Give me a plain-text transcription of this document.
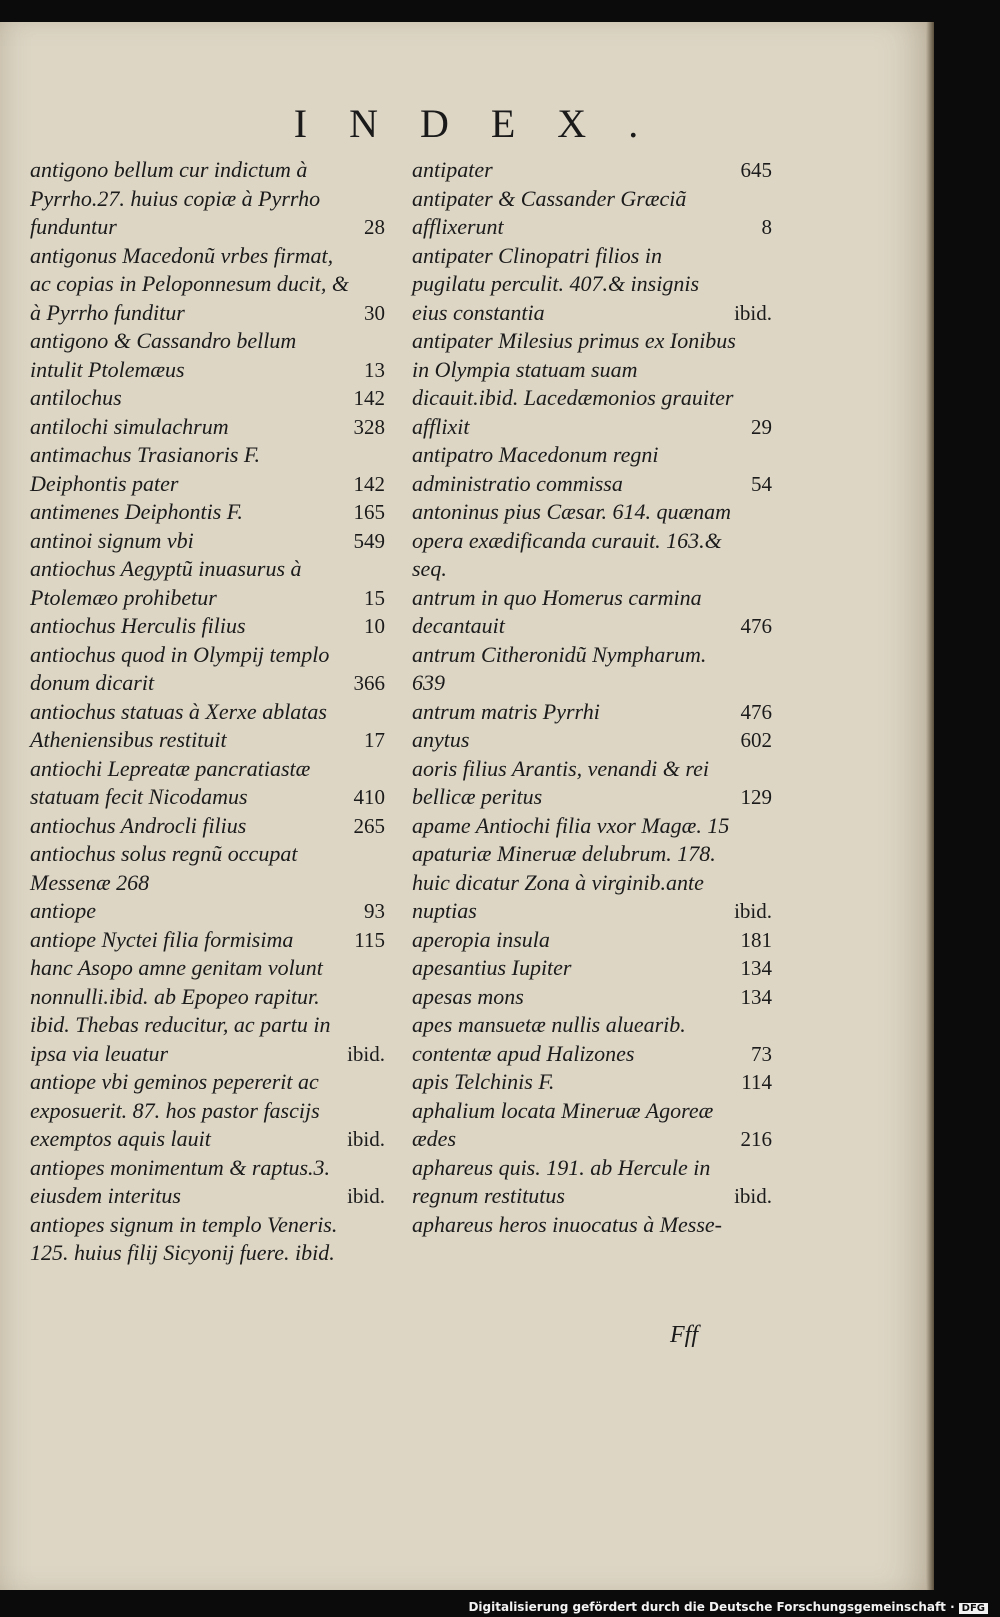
INDEX.
antigono bellum cur indictum à Pyrrho.27. huius copiæ à Pyrrho funduntur	28
antigonus Macedonũ vrbes firmat, ac copias in Peloponnesum ducit, & à Pyrrho funditur	30
antigono & Cassandro bellum intulit Ptolemæus	13
antilochus	142
antilochi simulachrum	328
antimachus Trasianoris F. Deiphontis pater	142
antimenes Deiphontis F.	165
antinoi signum vbi	549
antiochus Aegyptũ inuasurus à Ptolemæo prohibetur	15
antiochus Herculis filius	10
antiochus quod in Olympij templo donum dicarit	366
antiochus statuas à Xerxe ablatas Atheniensibus restituit	17
antiochi Lepreatæ pancratiastæ statuam fecit Nicodamus	410
antiochus Androcli filius	265
antiochus solus regnũ occupat Messenæ 268
antiope	93
antiope Nyctei filia formisima	115
hanc Asopo amne genitam volunt nonnulli.ibid. ab Epopeo rapitur. ibid. Thebas reducitur, ac partu in ipsa via leuatur	ibid.
antiope vbi geminos pepererit ac exposuerit. 87. hos pastor fascijs exemptos aquis lauit	ibid.
antiopes monimentum & raptus.3. eiusdem interitus	ibid.
antiopes signum in templo Veneris. 125. huius filij Sicyonij fuere. ibid.
antipater	645
antipater & Cassander Græciã afflixerunt	8
antipater Clinopatri filios in pugilatu perculit. 407.& insignis eius constantia	ibid.
antipater Milesius primus ex Ionibus in Olympia statuam suam dicauit.ibid. Lacedæmonios grauiter afflixit	29
antipatro Macedonum regni administratio commissa	54
antoninus pius Cæsar. 614. quænam opera exædificanda curauit. 163.& seq.
antrum in quo Homerus carmina decantauit	476
antrum Citheronidũ Nympharum. 639
antrum matris Pyrrhi	476
anytus	602
aoris filius Arantis, venandi & rei bellicæ peritus	129
apame Antiochi filia vxor Magæ. 15
apaturiæ Mineruæ delubrum. 178. huic dicatur Zona à virginib.ante nuptias	ibid.
aperopia insula	181
apesantius Iupiter	134
apesas mons	134
apes mansuetæ nullis aluearib. contentæ apud Halizones	73
apis Telchinis F.	114
aphalium locata Mineruæ Agoreæ ædes	216
aphareus quis. 191. ab Hercule in regnum restitutus	ibid.
aphareus heros inuocatus à Messe-
Fff
Digitalisierung gefördert durch die Deutsche Forschungsgemeinschaft · DFG
